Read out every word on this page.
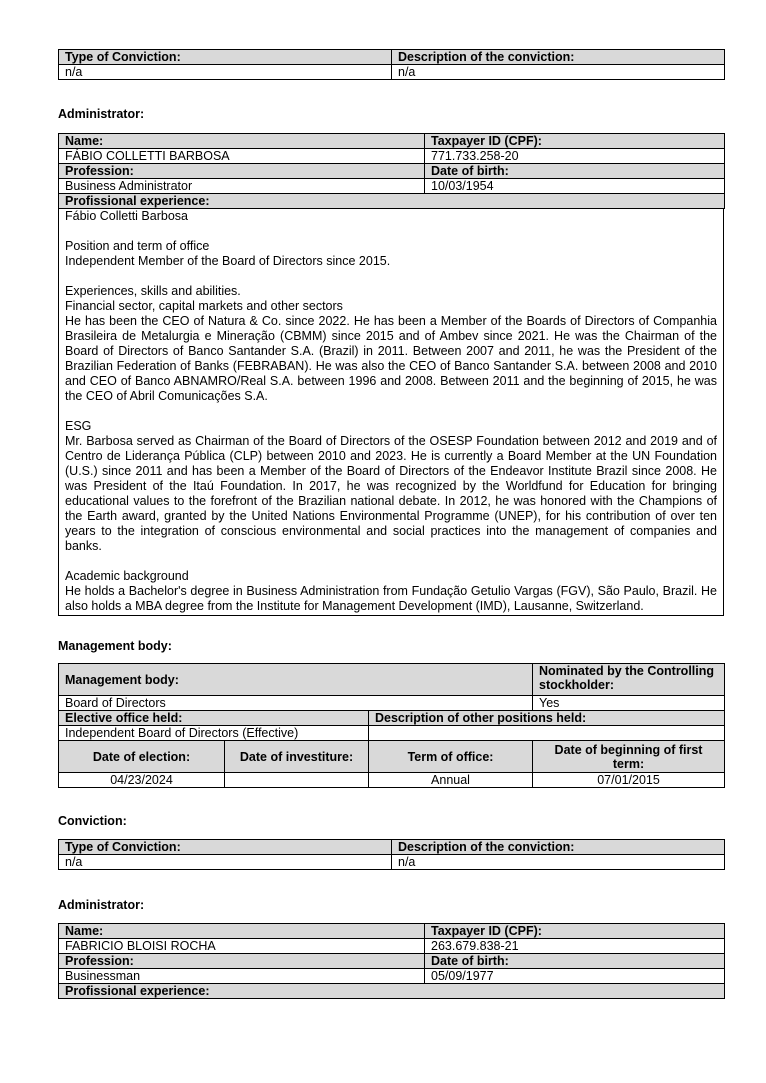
Type of Conviction:	Description of the conviction:
n/a	n/a
Administrator:
Name:	Taxpayer ID (CPF):
FÁBIO COLLETTI BARBOSA	771.733.258-20
Profession:	Date of birth:
Business Administrator	10/03/1954
Profissional experience:	

Fábio Colletti Barbosa

Position and term of office

Independent Member of the Board of Directors since 2015.

Experiences, skills and abilities.

Financial sector, capital markets and other sectors

He has been the CEO of Natura & Co. since 2022. He has been a Member of the Boards of Directors of Companhia Brasileira de Metalurgia e Mineração (CBMM) since 2015 and of Ambev since 2021. He was the Chairman of the Board of Directors of Banco Santander S.A. (Brazil) in 2011. Between 2007 and 2011, he was the President of the Brazilian Federation of Banks (FEBRABAN). He was also the CEO of Banco Santander S.A. between 2008 and 2010 and CEO of Banco ABNAMRO/Real S.A. between 1996 and 2008. Between 2011 and the beginning of 2015, he was the CEO of Abril Comunicações S.A.

ESG

Mr. Barbosa served as Chairman of the Board of Directors of the OSESP Foundation between 2012 and 2019 and of Centro de Liderança Pública (CLP) between 2010 and 2023. He is currently a Board Member at the UN Foundation (U.S.) since 2011 and has been a Member of the Board of Directors of the Endeavor Institute Brazil since 2008. He was President of the Itaú Foundation. In 2017, he was recognized by the Worldfund for Education for bringing educational values to the forefront of the Brazilian national debate. In 2012, he was honored with the Champions of the Earth award, granted by the United Nations Environmental Programme (UNEP), for his contribution of over ten years to the integration of conscious environmental and social practices into the management of companies and banks.

Academic background

He holds a Bachelor's degree in Business Administration from Fundação Getulio Vargas (FGV), São Paulo, Brazil. He also holds a MBA degree from the Institute for Management Development (IMD), Lausanne, Switzerland.

Management body:
Management body:			Nominated by the Controlling stockholder:
Board of Directors			Yes
Elective office held:		Description of other positions held:	
Independent Board of Directors (Effective)			
Date of election:	Date of investiture:	Term of office:	Date of beginning of first term:
04/23/2024		Annual	07/01/2015
Conviction:
Type of Conviction:	Description of the conviction:
n/a	n/a
Administrator:
Name:	Taxpayer ID (CPF):
FABRICIO BLOISI ROCHA	263.679.838-21
Profession:	Date of birth:
Businessman	05/09/1977
Profissional experience:	
